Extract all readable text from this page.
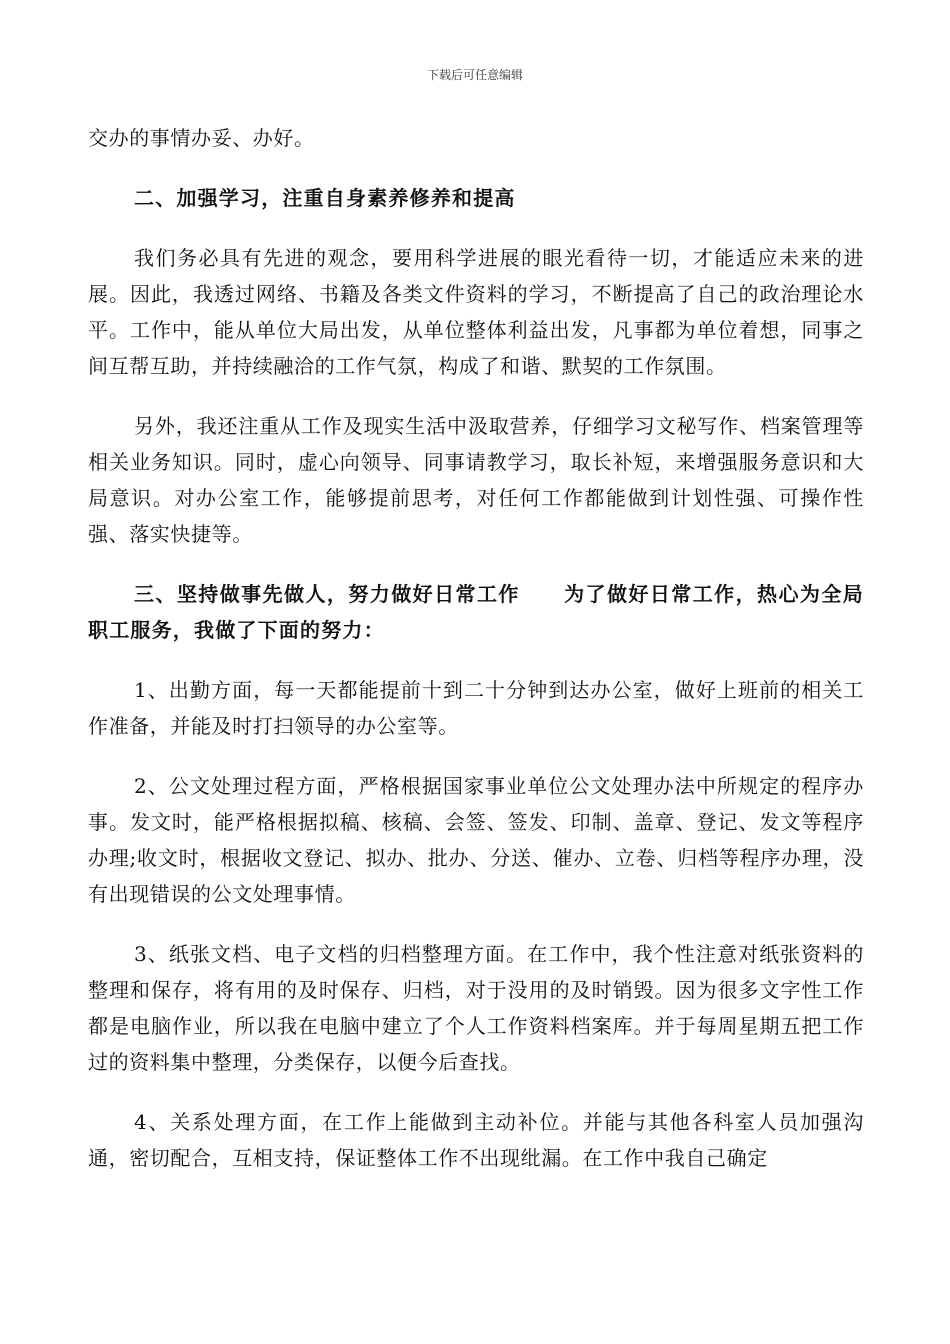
下载后可任意编辑

交办的事情办妥、办好。

二、加强学习，注重自身素养修养和提高

我们务必具有先进的观念，要用科学进展的眼光看待一切，才能适应未来的进展。因此，我透过网络、书籍及各类文件资料的学习，不断提高了自己的政治理论水平。工作中，能从单位大局出发，从单位整体利益出发，凡事都为单位着想，同事之间互帮互助，并持续融洽的工作气氛，构成了和谐、默契的工作氛围。

另外，我还注重从工作及现实生活中汲取营养，仔细学习文秘写作、档案管理等相关业务知识。同时，虚心向领导、同事请教学习，取长补短，来增强服务意识和大局意识。对办公室工作，能够提前思考，对任何工作都能做到计划性强、可操作性强、落实快捷等。

三、坚持做事先做人，努力做好日常工作 为了做好日常工作，热心为全局职工服务，我做了下面的努力：

1、出勤方面，每一天都能提前十到二十分钟到达办公室，做好上班前的相关工作准备，并能及时打扫领导的办公室等。

2、公文处理过程方面，严格根据国家事业单位公文处理办法中所规定的程序办事。发文时，能严格根据拟稿、核稿、会签、签发、印制、盖章、登记、发文等程序办理;收文时，根据收文登记、拟办、批办、分送、催办、立卷、归档等程序办理，没有出现错误的公文处理事情。

3、纸张文档、电子文档的归档整理方面。在工作中，我个性注意对纸张资料的整理和保存，将有用的及时保存、归档，对于没用的及时销毁。因为很多文字性工作都是电脑作业，所以我在电脑中建立了个人工作资料档案库。并于每周星期五把工作过的资料集中整理，分类保存，以便今后查找。

4、关系处理方面，在工作上能做到主动补位。并能与其他各科室人员加强沟通，密切配合，互相支持，保证整体工作不出现纰漏。在工作中我自己确定
